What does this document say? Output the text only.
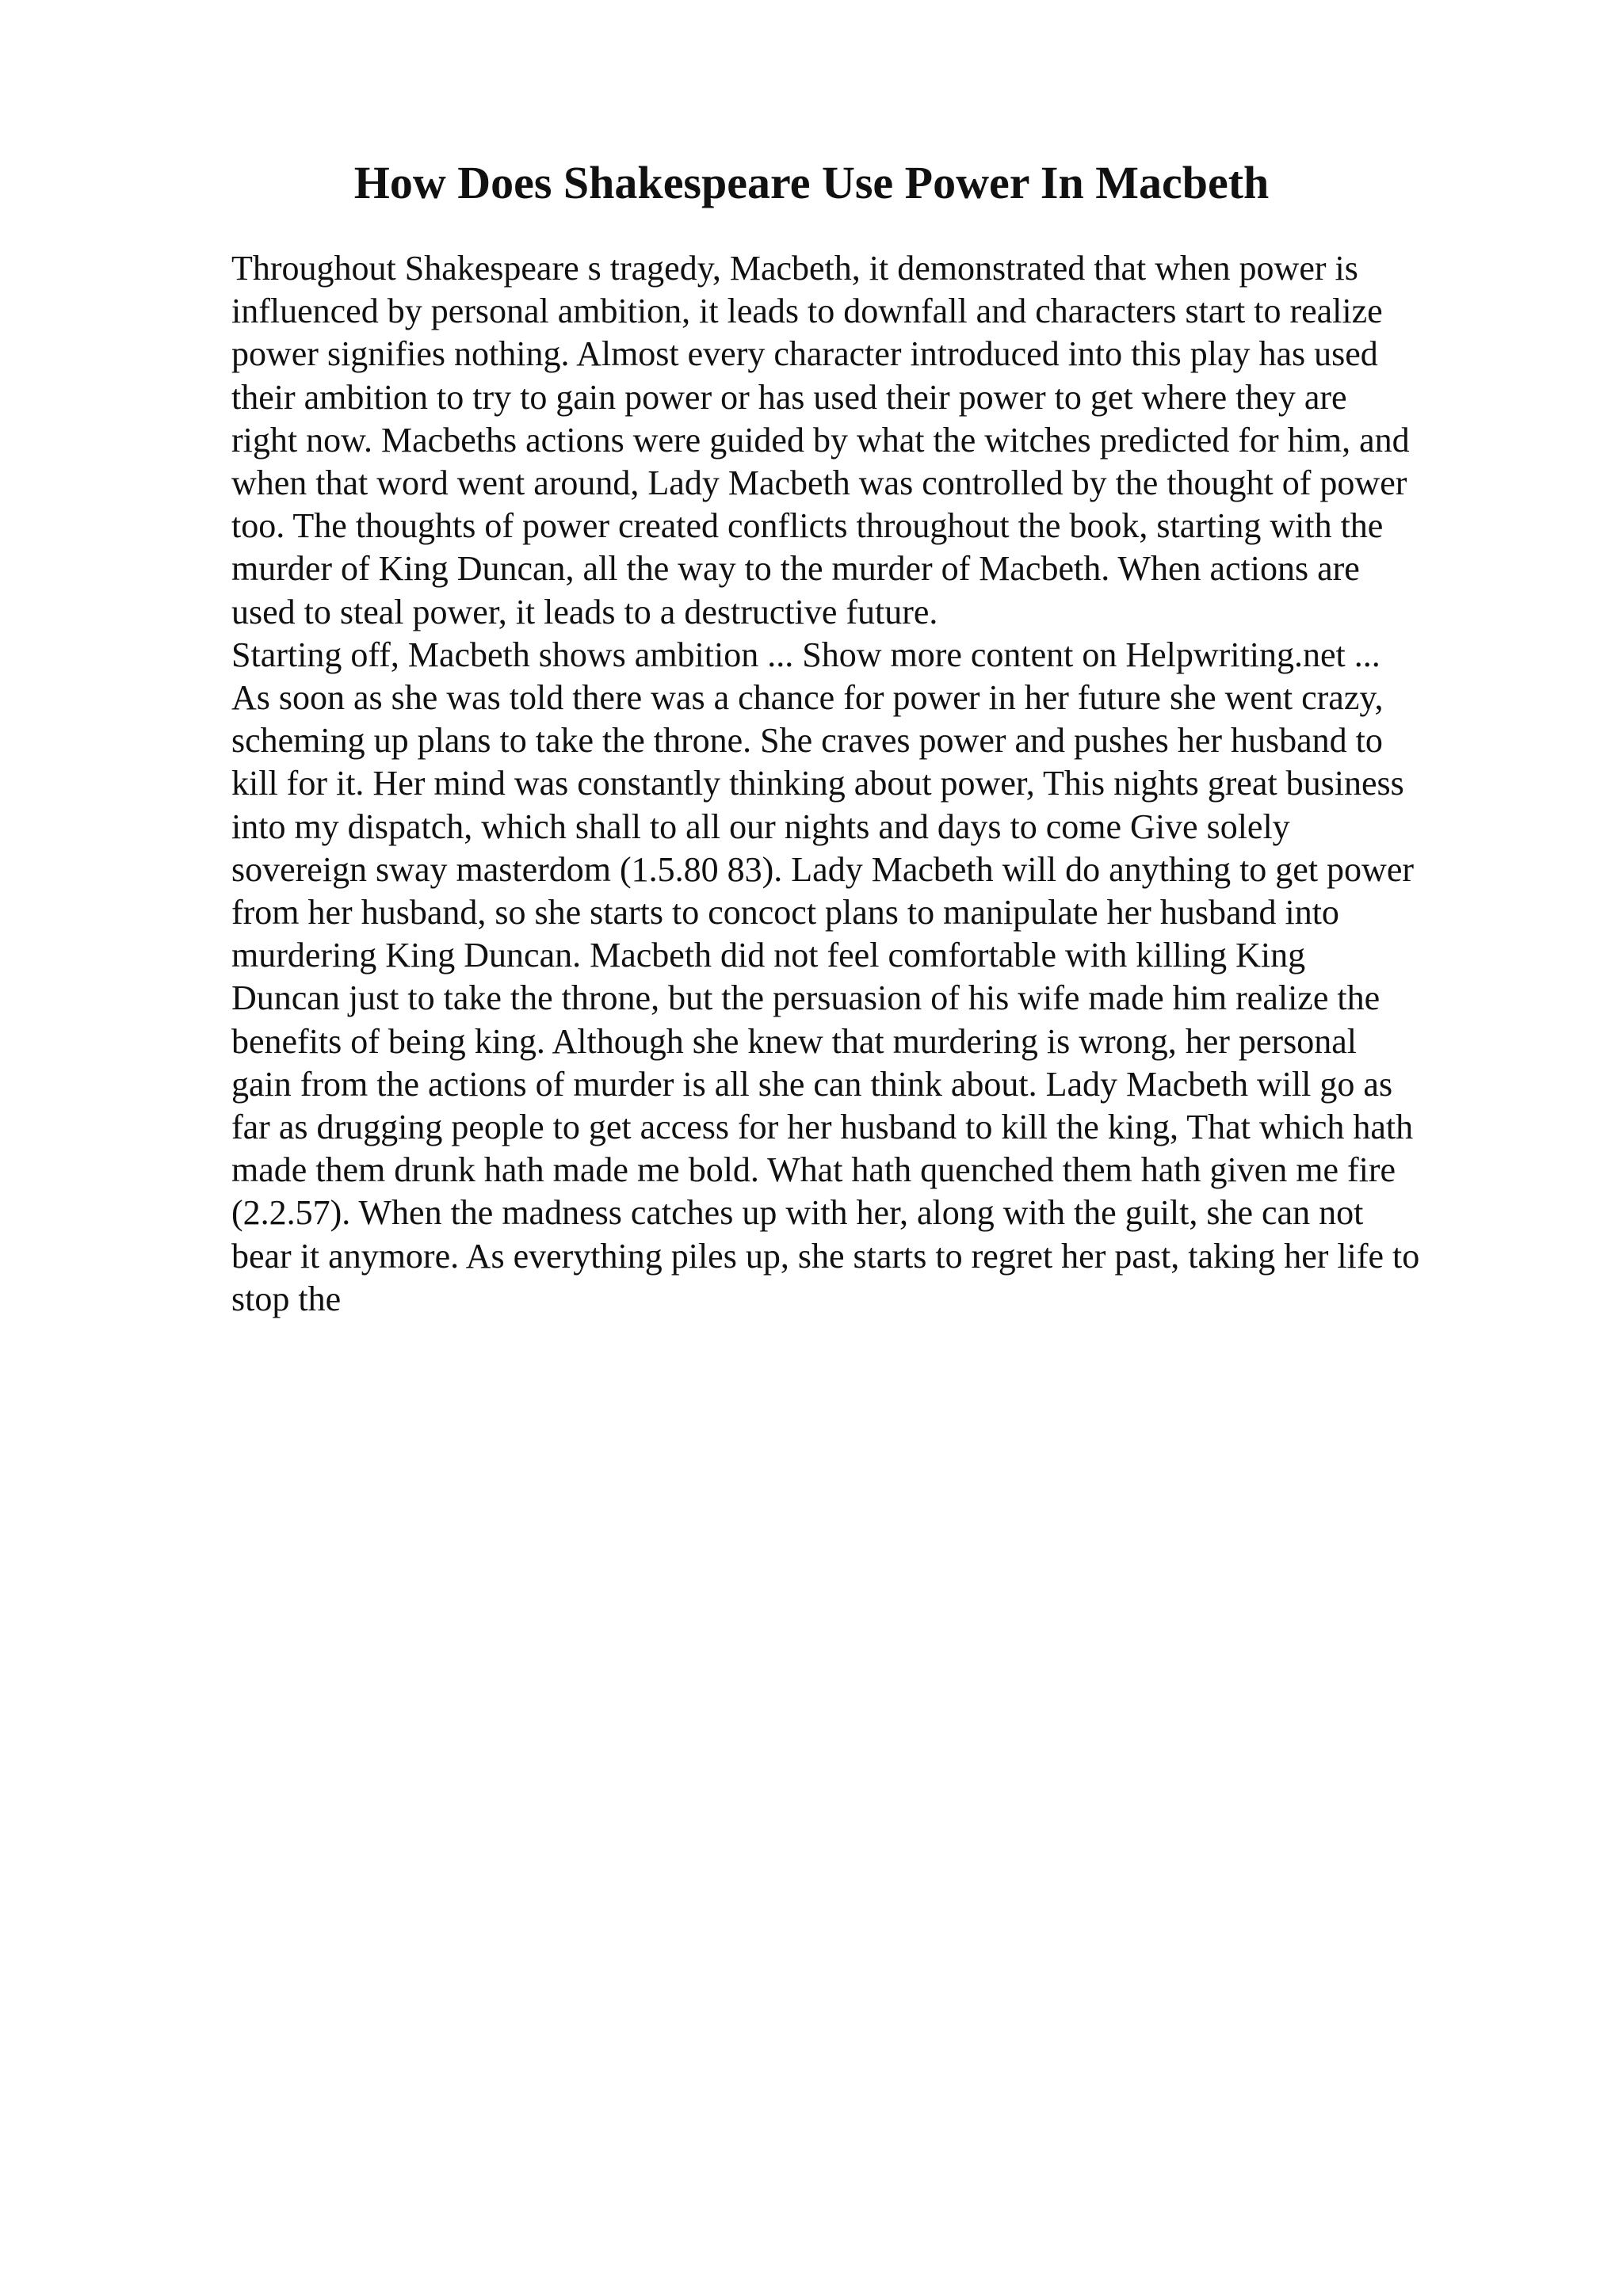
How Does Shakespeare Use Power In Macbeth
Throughout Shakespeare s tragedy, Macbeth, it demonstrated that when power is
influenced by personal ambition, it leads to downfall and characters start to realize
power signifies nothing. Almost every character introduced into this play has used
their ambition to try to gain power or has used their power to get where they are
right now. Macbeths actions were guided by what the witches predicted for him, and
when that word went around, Lady Macbeth was controlled by the thought of power
too. The thoughts of power created conflicts throughout the book, starting with the
murder of King Duncan, all the way to the murder of Macbeth. When actions are
used to steal power, it leads to a destructive future.
Starting off, Macbeth shows ambition ... Show more content on Helpwriting.net ...
As soon as she was told there was a chance for power in her future she went crazy,
scheming up plans to take the throne. She craves power and pushes her husband to
kill for it. Her mind was constantly thinking about power, This nights great business
into my dispatch, which shall to all our nights and days to come Give solely
sovereign sway masterdom (1.5.80 83). Lady Macbeth will do anything to get power
from her husband, so she starts to concoct plans to manipulate her husband into
murdering King Duncan. Macbeth did not feel comfortable with killing King
Duncan just to take the throne, but the persuasion of his wife made him realize the
benefits of being king. Although she knew that murdering is wrong, her personal
gain from the actions of murder is all she can think about. Lady Macbeth will go as
far as drugging people to get access for her husband to kill the king, That which hath
made them drunk hath made me bold. What hath quenched them hath given me fire
(2.2.57). When the madness catches up with her, along with the guilt, she can not
bear it anymore. As everything piles up, she starts to regret her past, taking her life to
stop the
